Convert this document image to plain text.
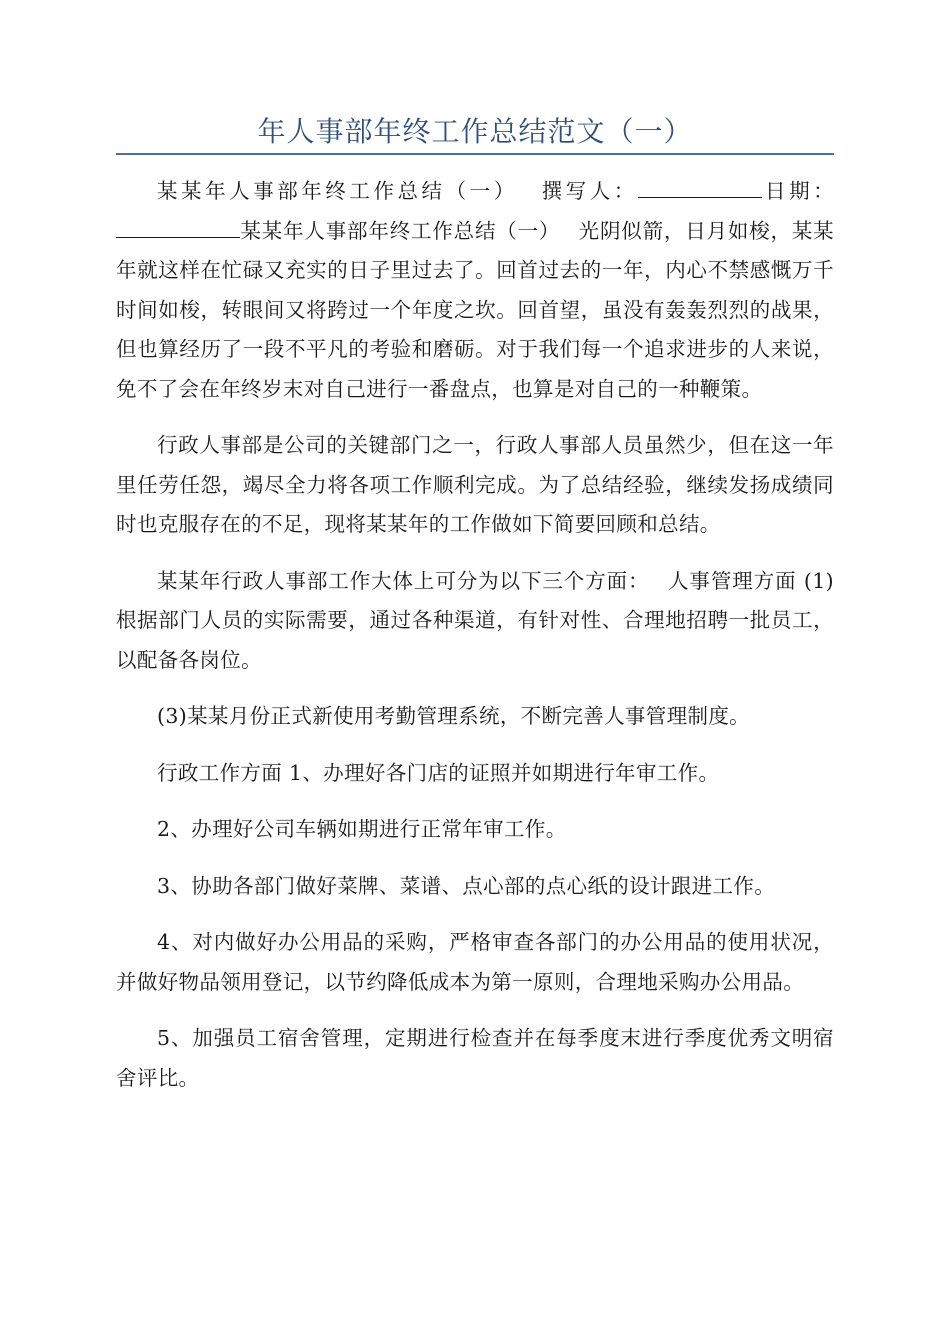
年人事部年终工作总结范文（一）

某某年人事部年终工作总结（一）　 撰写人：	日期：某某年人事部年终工作总结（一）　 光阴似箭，日月如梭，某某年就这样在忙碌又充实的日子里过去了。回首过去的一年，内心不禁感慨万千时间如梭，转眼间又将跨过一个年度之坎。回首望，虽没有轰轰烈烈的战果，但也算经历了一段不平凡的考验和磨砺。对于我们每一个追求进步的人来说，免不了会在年终岁末对自己进行一番盘点，也算是对自己的一种鞭策。

行政人事部是公司的关键部门之一，行政人事部人员虽然少，但在这一年里任劳任怨，竭尽全力将各项工作顺利完成。为了总结经验，继续发扬成绩同时也克服存在的不足，现将某某年的工作做如下简要回顾和总结。

某某年行政人事部工作大体上可分为以下三个方面：　 人事管理方面 (1)根据部门人员的实际需要，通过各种渠道，有针对性、合理地招聘一批员工，以配备各岗位。

(3)某某月份正式新使用考勤管理系统，不断完善人事管理制度。

行政工作方面 1、办理好各门店的证照并如期进行年审工作。

2、办理好公司车辆如期进行正常年审工作。

3、协助各部门做好菜牌、菜谱、点心部的点心纸的设计跟进工作。

4、对内做好办公用品的采购，严格审查各部门的办公用品的使用状况，并做好物品领用登记，以节约降低成本为第一原则，合理地采购办公用品。

5、加强员工宿舍管理，定期进行检查并在每季度末进行季度优秀文明宿舍评比。
